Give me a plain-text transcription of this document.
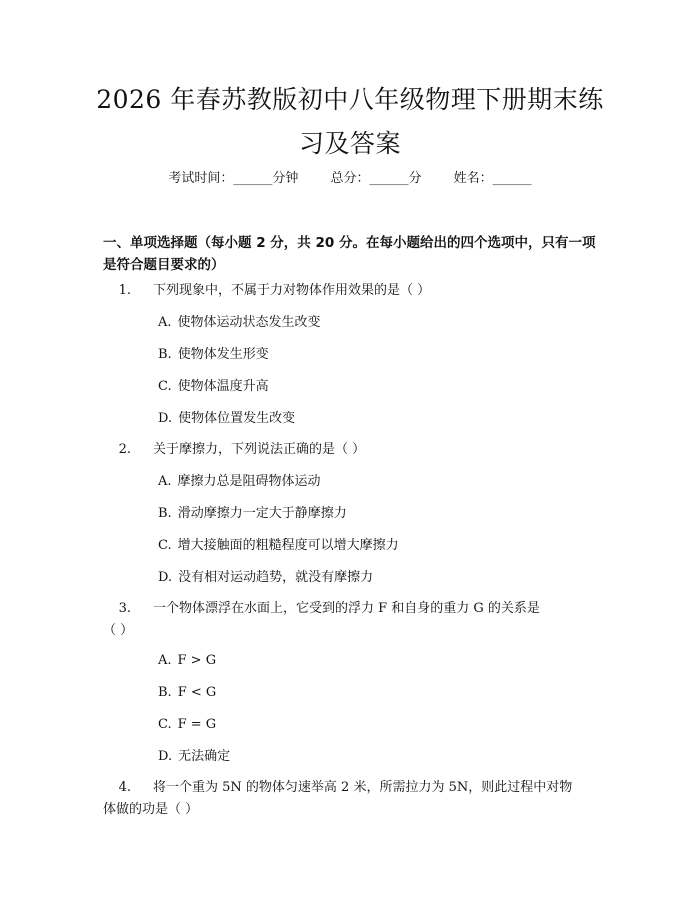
2026 年春苏教版初中八年级物理下册期末练
习及答案
考试时间：______分钟 总分：______分 姓名：______
一、单项选择题（每小题 2 分，共 20 分。在每小题给出的四个选项中，只有一项
是符合题目要求的）
1. 下列现象中，不属于力对物体作用效果的是（ ）
A. 使物体运动状态发生改变
B. 使物体发生形变
C. 使物体温度升高
D. 使物体位置发生改变
2. 关于摩擦力，下列说法正确的是（ ）
A. 摩擦力总是阻碍物体运动
B. 滑动摩擦力一定大于静摩擦力
C. 增大接触面的粗糙程度可以增大摩擦力
D. 没有相对运动趋势，就没有摩擦力
3. 一个物体漂浮在水面上，它受到的浮力 F 和自身的重力 G 的关系是
（ ）
A. F > G
B. F < G
C. F = G
D. 无法确定
4. 将一个重为 5N 的物体匀速举高 2 米，所需拉力为 5N，则此过程中对物
体做的功是（ ）
